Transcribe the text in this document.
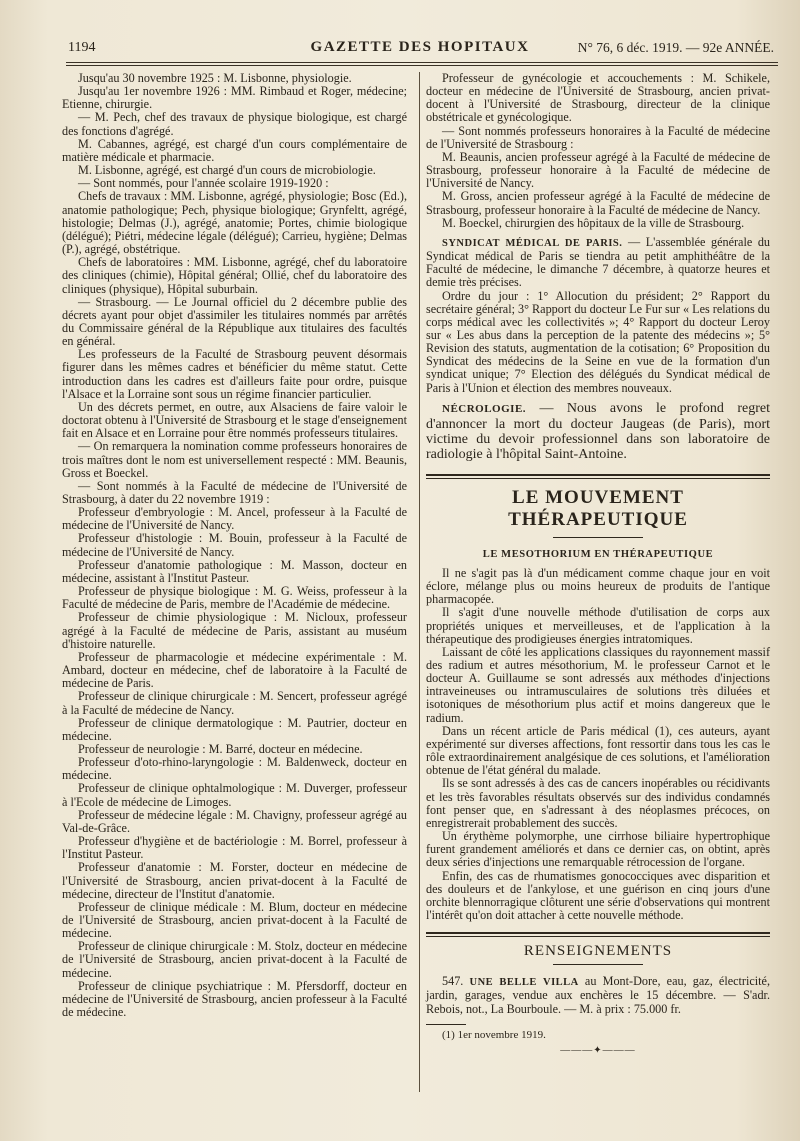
1194	GAZETTE DES HOPITAUX	N° 76, 6 déc. 1919. — 92e ANNÉE.

Jusqu'au 30 novembre 1925 : M. Lisbonne, physiologie.

Jusqu'au 1er novembre 1926 : MM. Rimbaud et Roger, médecine; Etienne, chirurgie.

— M. Pech, chef des travaux de physique biologique, est chargé des fonctions d'agrégé.

M. Cabannes, agrégé, est chargé d'un cours complémentaire de matière médicale et pharmacie.

M. Lisbonne, agrégé, est chargé d'un cours de microbiologie.

— Sont nommés, pour l'année scolaire 1919-1920 :

Chefs de travaux : MM. Lisbonne, agrégé, physiologie; Bosc (Ed.), anatomie pathologique; Pech, physique biologique; Grynfeltt, agrégé, histologie; Delmas (J.), agrégé, anatomie; Portes, chimie biologique (délégué); Piétri, médecine légale (délégué); Carrieu, hygiène; Delmas (P.), agrégé, obstétrique.

Chefs de laboratoires : MM. Lisbonne, agrégé, chef du laboratoire des cliniques (chimie), Hôpital général; Ollié, chef du laboratoire des cliniques (physique), Hôpital suburbain.

— Strasbourg. — Le Journal officiel du 2 décembre publie des décrets ayant pour objet d'assimiler les titulaires nommés par arrêtés du Commissaire général de la République aux titulaires des facultés en général.

Les professeurs de la Faculté de Strasbourg peuvent désormais figurer dans les mêmes cadres et bénéficier du même statut. Cette introduction dans les cadres est d'ailleurs faite pour ordre, puisque l'Alsace et la Lorraine sont sous un régime financier particulier.

Un des décrets permet, en outre, aux Alsaciens de faire valoir le doctorat obtenu à l'Université de Strasbourg et le stage d'enseignement fait en Alsace et en Lorraine pour être nommés professeurs titulaires.

— On remarquera la nomination comme professeurs honoraires de trois maîtres dont le nom est universellement respecté : MM. Beaunis, Gross et Boeckel.

— Sont nommés à la Faculté de médecine de l'Université de Strasbourg, à dater du 22 novembre 1919 :

Professeur d'embryologie : M. Ancel, professeur à la Faculté de médecine de l'Université de Nancy.

Professeur d'histologie : M. Bouin, professeur à la Faculté de médecine de l'Université de Nancy.

Professeur d'anatomie pathologique : M. Masson, docteur en médecine, assistant à l'Institut Pasteur.

Professeur de physique biologique : M. G. Weiss, professeur à la Faculté de médecine de Paris, membre de l'Académie de médecine.

Professeur de chimie physiologique : M. Nicloux, professeur agrégé à la Faculté de médecine de Paris, assistant au muséum d'histoire naturelle.

Professeur de pharmacologie et médecine expérimentale : M. Ambard, docteur en médecine, chef de laboratoire à la Faculté de médecine de Paris.

Professeur de clinique chirurgicale : M. Sencert, professeur agrégé à la Faculté de médecine de Nancy.

Professeur de clinique dermatologique : M. Pautrier, docteur en médecine.

Professeur de neurologie : M. Barré, docteur en médecine.

Professeur d'oto-rhino-laryngologie : M. Baldenweck, docteur en médecine.

Professeur de clinique ophtalmologique : M. Duverger, professeur à l'Ecole de médecine de Limoges.

Professeur de médecine légale : M. Chavigny, professeur agrégé au Val-de-Grâce.

Professeur d'hygiène et de bactériologie : M. Borrel, professeur à l'Institut Pasteur.

Professeur d'anatomie : M. Forster, docteur en médecine de l'Université de Strasbourg, ancien privat-docent à la Faculté de médecine, directeur de l'Institut d'anatomie.

Professeur de clinique médicale : M. Blum, docteur en médecine de l'Université de Strasbourg, ancien privat-docent à la Faculté de médecine.

Professeur de clinique chirurgicale : M. Stolz, docteur en médecine de l'Université de Strasbourg, ancien privat-docent à la Faculté de médecine.

Professeur de clinique psychiatrique : M. Pfersdorff, docteur en médecine de l'Université de Strasbourg, ancien professeur à la Faculté de médecine.

Professeur de gynécologie et accouchements : M. Schikele, docteur en médecine de l'Université de Strasbourg, ancien privat-docent à l'Université de Strasbourg, directeur de la clinique obstétricale et gynécologique.

— Sont nommés professeurs honoraires à la Faculté de médecine de l'Université de Strasbourg :

M. Beaunis, ancien professeur agrégé à la Faculté de médecine de Strasbourg, professeur honoraire à la Faculté de médecine de l'Université de Nancy.

M. Gross, ancien professeur agrégé à la Faculté de médecine de Strasbourg, professeur honoraire à la Faculté de médecine de Nancy.

M. Boeckel, chirurgien des hôpitaux de la ville de Strasbourg.

SYNDICAT MÉDICAL DE PARIS. — L'assemblée générale du Syndicat médical de Paris se tiendra au petit amphithéâtre de la Faculté de médecine, le dimanche 7 décembre, à quatorze heures et demie très précises.

Ordre du jour : 1° Allocution du président; 2° Rapport du secrétaire général; 3° Rapport du docteur Le Fur sur « Les relations du corps médical avec les collectivités »; 4° Rapport du docteur Leroy sur « Les abus dans la perception de la patente des médecins »; 5° Revision des statuts, augmentation de la cotisation; 6° Proposition du Syndicat des médecins de la Seine en vue de la formation d'un syndicat unique; 7° Election des délégués du Syndicat médical de Paris à l'Union et élection des membres nouveaux.

NÉCROLOGIE. — Nous avons le profond regret d'annoncer la mort du docteur Jaugeas (de Paris), mort victime du devoir professionnel dans son laboratoire de radiologie à l'hôpital Saint-Antoine.

LE MOUVEMENT THÉRAPEUTIQUE
LE MESOTHORIUM EN THÉRAPEUTIQUE

Il ne s'agit pas là d'un médicament comme chaque jour en voit éclore, mélange plus ou moins heureux de produits de l'antique pharmacopée.

Il s'agit d'une nouvelle méthode d'utilisation de corps aux propriétés uniques et merveilleuses, et de l'application à la thérapeutique des prodigieuses énergies intratomiques.

Laissant de côté les applications classiques du rayonnement massif des radium et autres mésothorium, M. le professeur Carnot et le docteur A. Guillaume se sont adressés aux méthodes d'injections intraveineuses ou intramusculaires de solutions très diluées et isotoniques de mésothorium plus actif et moins dangereux que le radium.

Dans un récent article de Paris médical (1), ces auteurs, ayant expérimenté sur diverses affections, font ressortir dans tous les cas le rôle extraordinairement analgésique de ces solutions, et l'amélioration obtenue de l'état général du malade.

Ils se sont adressés à des cas de cancers inopérables ou récidivants et les très favorables résultats observés sur des individus condamnés font penser que, en s'adressant à des néoplasmes précoces, on enregistrerait probablement des succès.

Un érythème polymorphe, une cirrhose biliaire hypertrophique furent grandement améliorés et dans ce dernier cas, on obtint, après deux séries d'injections une remarquable rétrocession de l'organe.

Enfin, des cas de rhumatismes gonococciques avec disparition et des douleurs et de l'ankylose, et une guérison en cinq jours d'une orchite blennorragique clôturent une série d'observations qui montrent l'intérêt qu'on doit attacher à cette nouvelle méthode.

RENSEIGNEMENTS

547. UNE BELLE VILLA au Mont-Dore, eau, gaz, électricité, jardin, garages, vendue aux enchères le 15 décembre. — S'adr. Rebois, not., La Bourboule. — M. à prix : 75.000 fr.

(1) 1er novembre 1919.

———✦———
